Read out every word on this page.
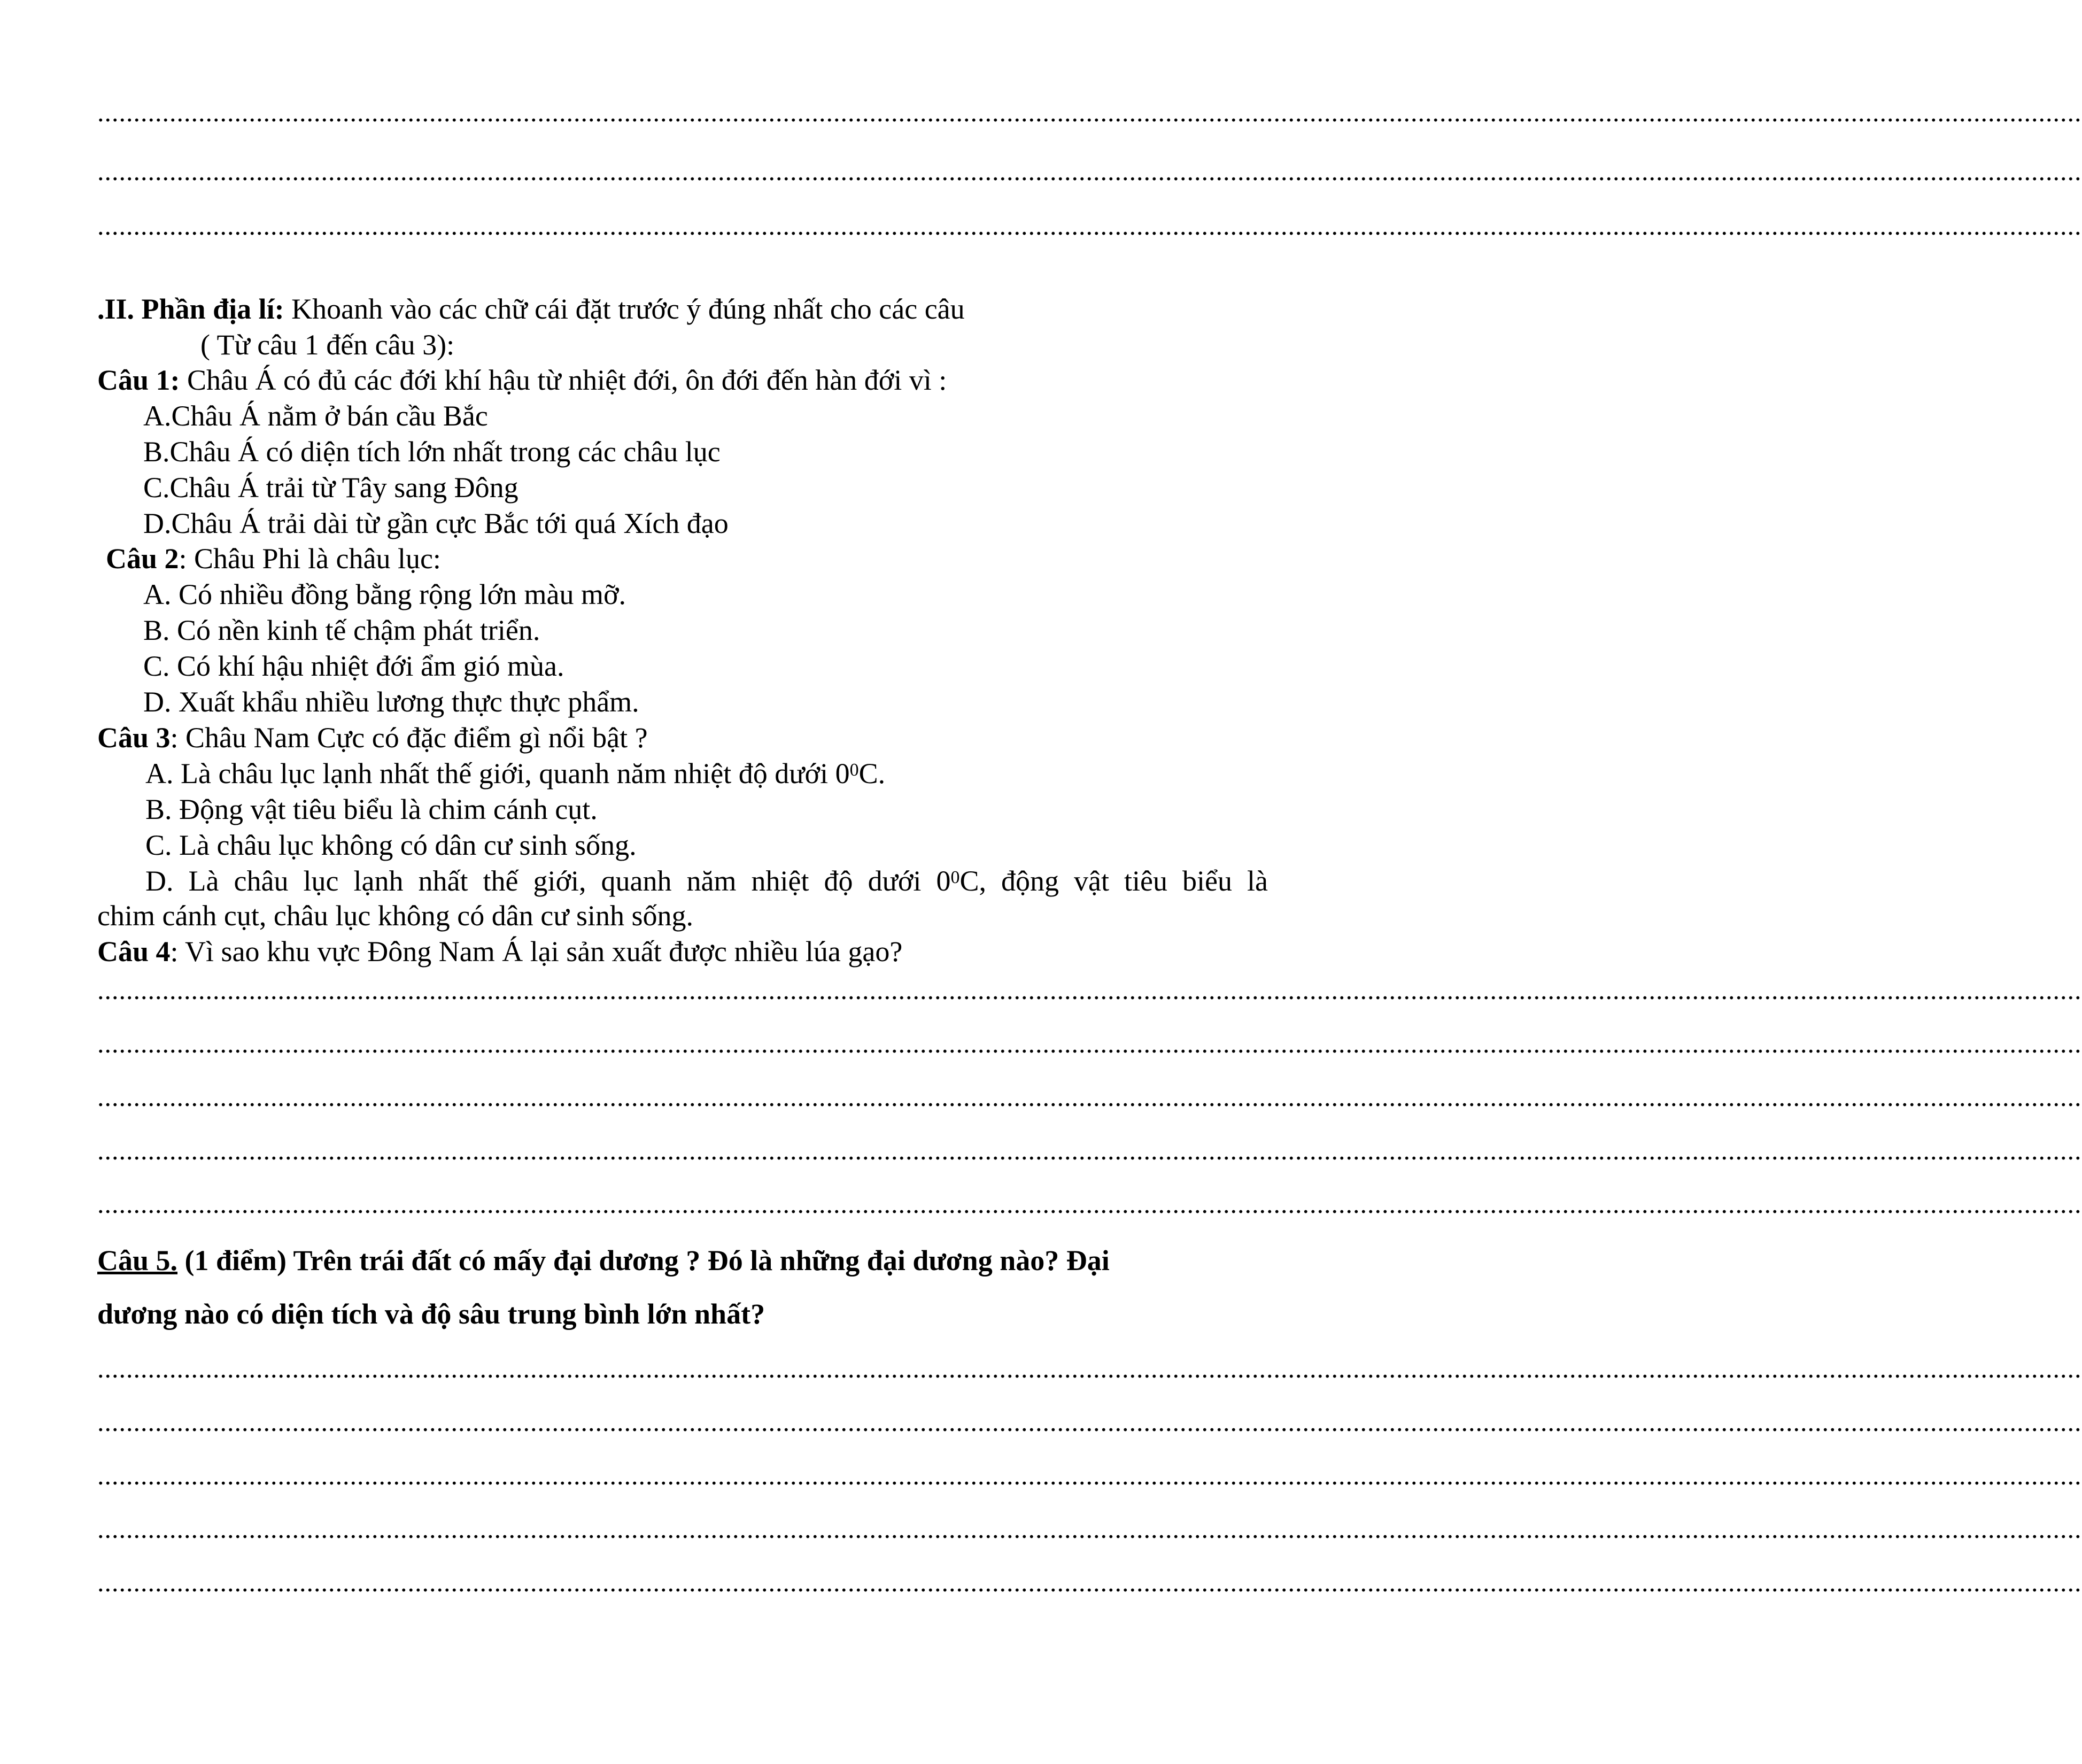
...................................................................................................................................................................................................................................................................................
...................................................................................................................................................................................................................................................................................
...................................................................................................................................................................................................................................................................................
.II. Phần địa lí: Khoanh vào các chữ cái đặt trước ý đúng nhất cho các câu
( Từ câu 1 đến câu 3):
Câu 1: Châu Á có đủ các đới khí hậu từ nhiệt đới, ôn đới đến hàn đới vì :
A.Châu Á nằm ở bán cầu Bắc
B.Châu Á có diện tích lớn nhất trong các châu lục
C.Châu Á trải từ Tây sang Đông
D.Châu Á trải dài từ gần cực Bắc tới quá Xích đạo
Câu 2: Châu Phi là châu lục:
A. Có nhiều đồng bằng rộng lớn màu mỡ.
B. Có nền kinh tế chậm phát triển.
C. Có khí hậu nhiệt đới ẩm gió mùa.
D. Xuất khẩu nhiều lương thực thực phẩm.
Câu 3: Châu Nam Cực có đặc điểm gì nổi bật ?
A. Là châu lục lạnh nhất thế giới, quanh năm nhiệt độ dưới $0^0C$.
B. Động vật tiêu biểu là chim cánh cụt.
C. Là châu lục không có dân cư sinh sống.
D. Là châu lục lạnh nhất thế giới, quanh năm nhiệt độ dưới $0^0C$, động vật tiêu biểu là
chim cánh cụt, châu lục không có dân cư sinh sống.
Câu 4: Vì sao khu vực Đông Nam Á lại sản xuất được nhiều lúa gạo?
...................................................................................................................................................................................................................................................................................
...................................................................................................................................................................................................................................................................................
...................................................................................................................................................................................................................................................................................
...................................................................................................................................................................................................................................................................................
...................................................................................................................................................................................................................................................................................
Câu 5. (1 điểm) Trên trái đất có mấy đại dương ? Đó là những đại dương nào? Đại
dương nào có diện tích và độ sâu trung bình lớn nhất?
...................................................................................................................................................................................................................................................................................
...................................................................................................................................................................................................................................................................................
...................................................................................................................................................................................................................................................................................
...................................................................................................................................................................................................................................................................................
...................................................................................................................................................................................................................................................................................
